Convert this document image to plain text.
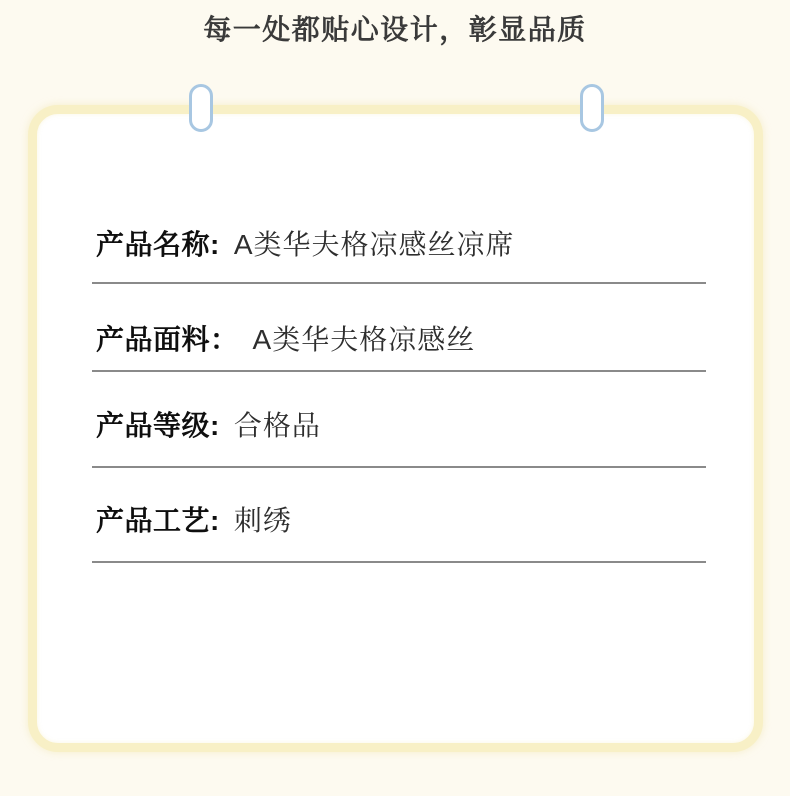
每一处都贴心设计，彰显品质
产品名称: A类华夫格凉感丝凉席
产品面料： A类华夫格凉感丝
产品等级: 合格品
产品工艺: 刺绣
